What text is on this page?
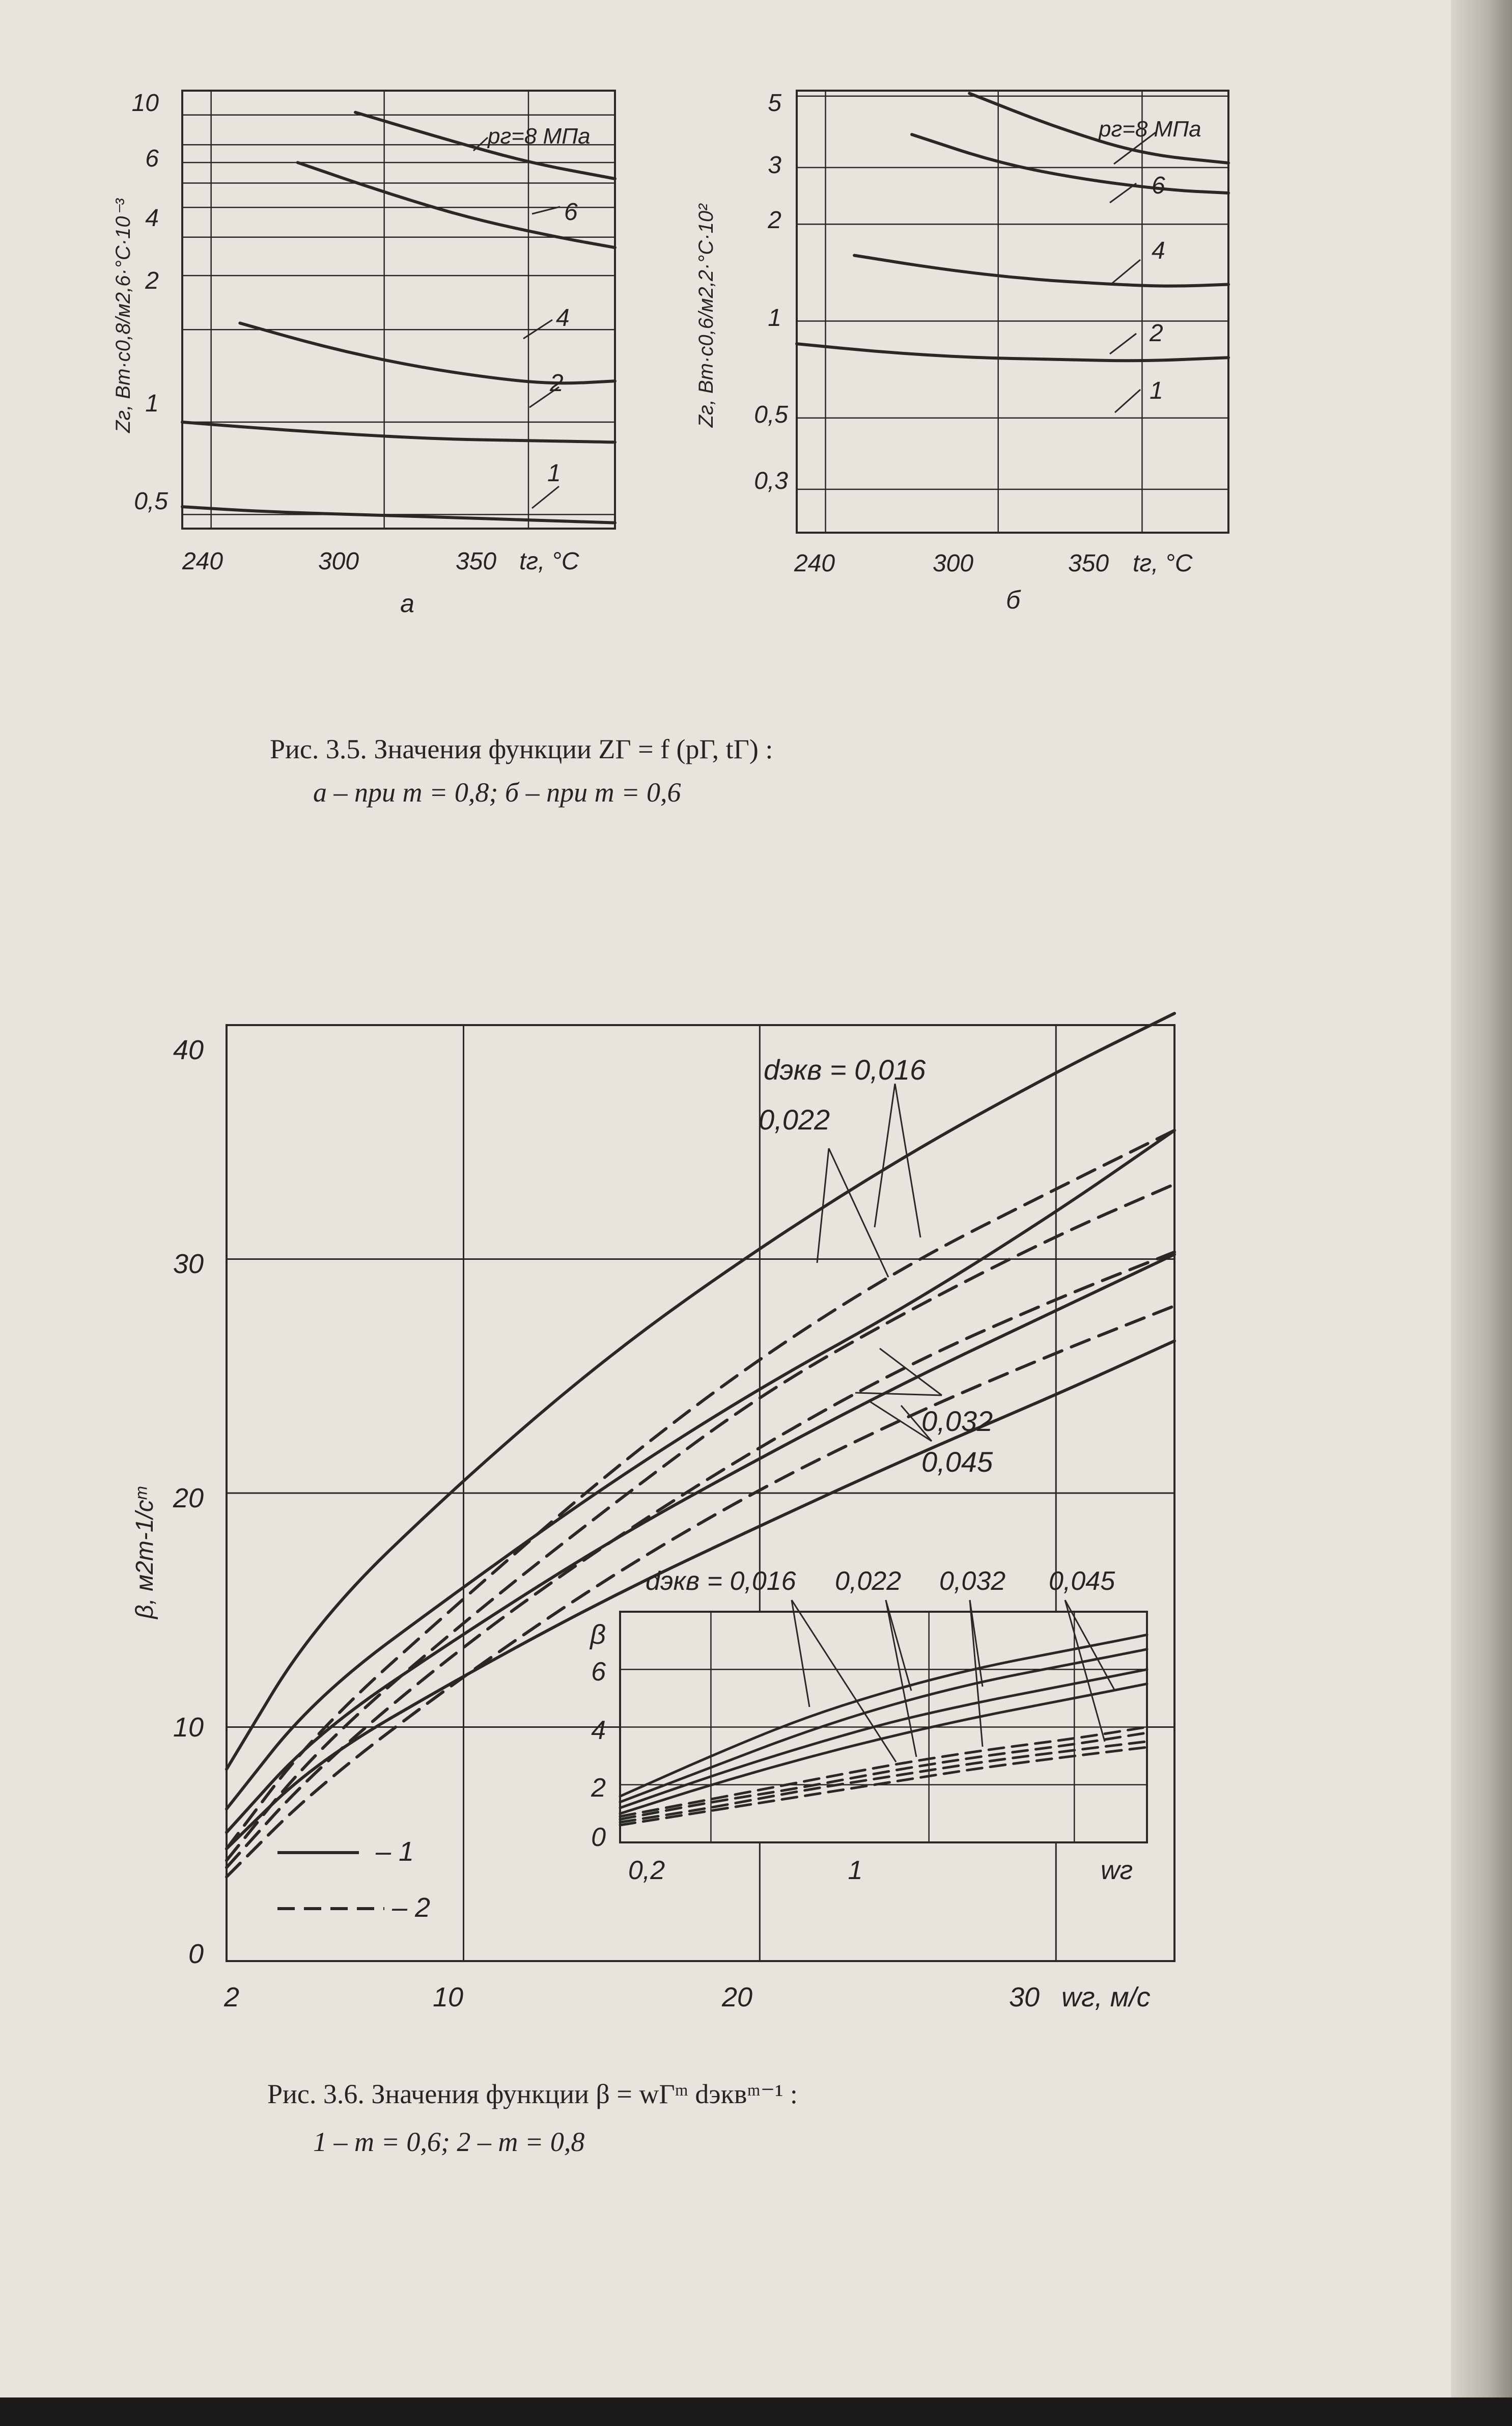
pг=8 МПа
6
4
2
1
10
6
4
2
1
0,5
240	300	350 tг, °C
а
Zг, Вт·с0,8/м2,6·°C·10⁻³
pг=8 МПа
6
4
2
1
5
3
2
1
0,5
0,3
240	300	350 tг, °C
б
Zг, Вт·с0,6/м2,2·°C·10²
dэкв = 0,016
0,022
0,032
0,045
40
30
20
10
0
2	10	20	30 wг, м/с
β, м2m-1/cᵐ
– 1
– 2
dэкв = 0,016 0,022 0,032 0,045
β
6
4
2
0
0,2	1	wг
Рис. 3.5. Значения функции ZГ = f (pГ, tГ) :
а – при m = 0,8; б – при m = 0,6
Рис. 3.6. Значения функции β = wГᵐ dэквᵐ⁻¹ :
1 – m = 0,6; 2 – m = 0,8
